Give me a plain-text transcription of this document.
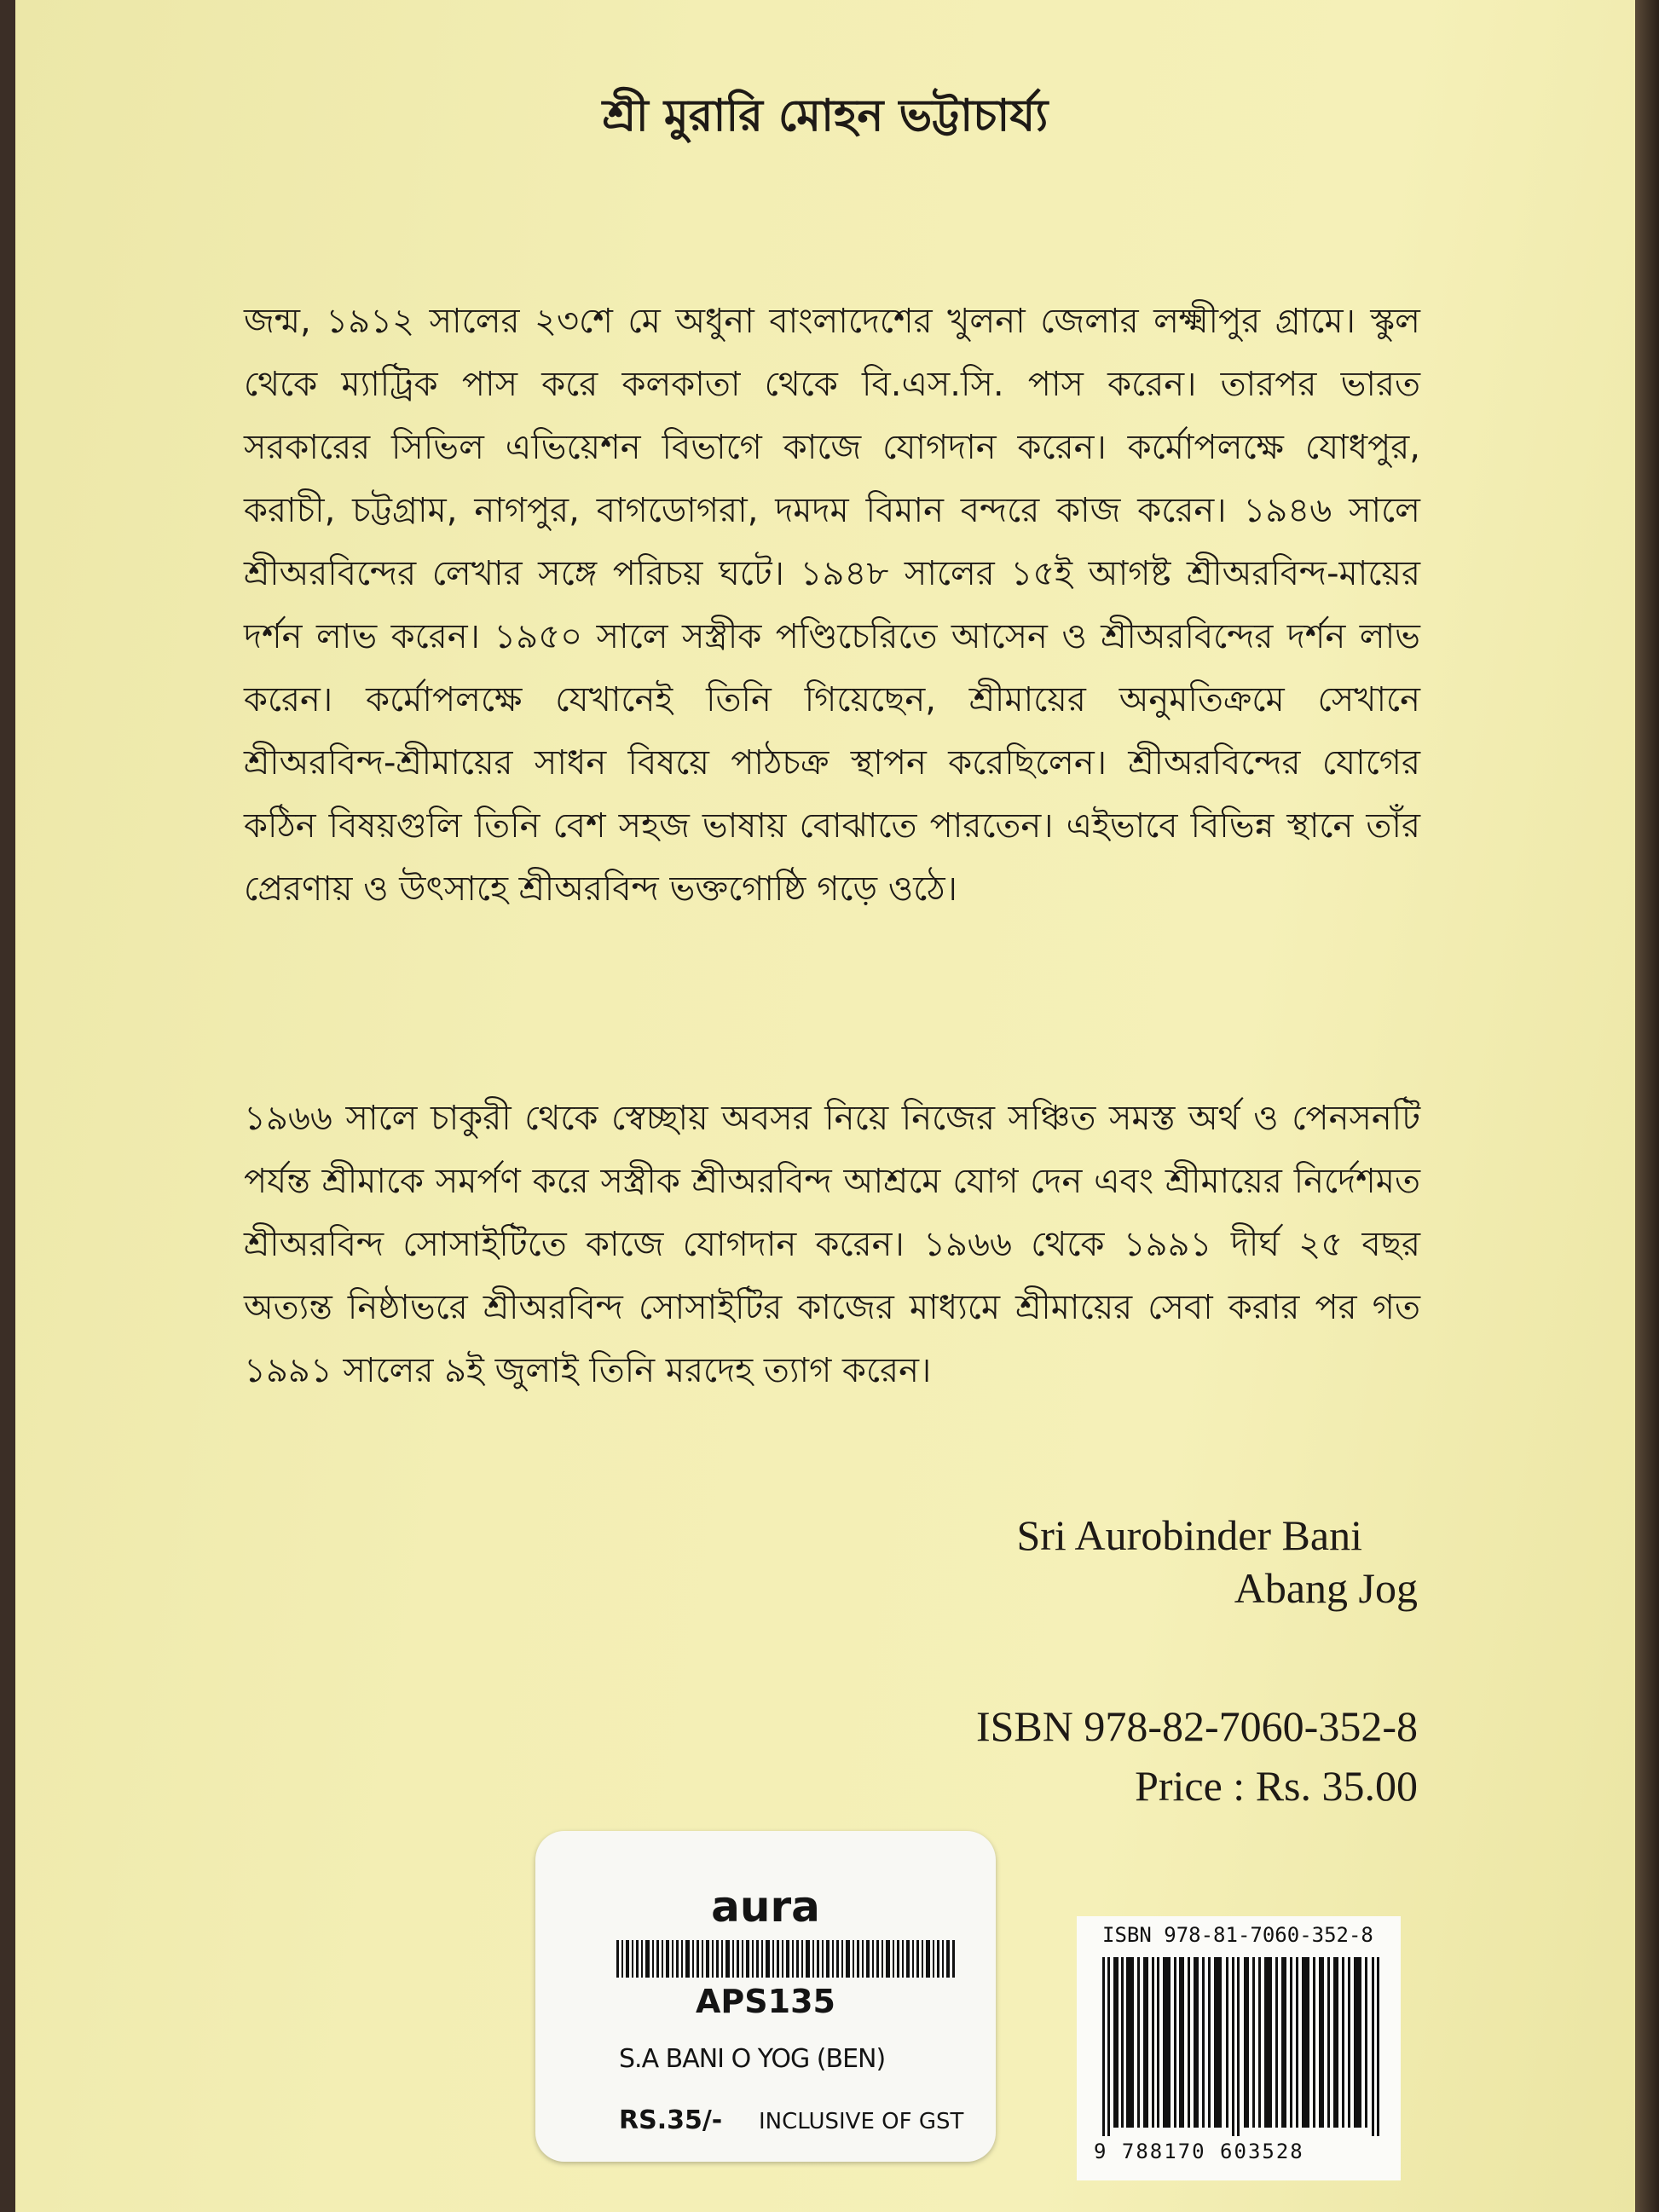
শ্রী মুরারি মোহন ভট্টাচার্য্য

জন্ম, ১৯১২ সালের ২৩শে মে অধুনা বাংলাদেশের খুলনা জেলার লক্ষ্মীপুর গ্রামে। স্কুল থেকে ম্যাট্রিক পাস করে কলকাতা থেকে বি.এস.সি. পাস করেন। তারপর ভারত সরকারের সিভিল এভিয়েশন বিভাগে কাজে যোগদান করেন। কর্মোপলক্ষে যোধপুর, করাচী, চট্টগ্রাম, নাগপুর, বাগডোগরা, দমদম বিমান বন্দরে কাজ করেন। ১৯৪৬ সালে শ্রীঅরবিন্দের লেখার সঙ্গে পরিচয় ঘটে। ১৯৪৮ সালের ১৫ই আগষ্ট শ্রীঅরবিন্দ-মায়ের দর্শন লাভ করেন। ১৯৫০ সালে সস্ত্রীক পণ্ডিচেরিতে আসেন ও শ্রীঅরবিন্দের দর্শন লাভ করেন। কর্মোপলক্ষে যেখানেই তিনি গিয়েছেন, শ্রীমায়ের অনুমতিক্রমে সেখানে শ্রীঅরবিন্দ-শ্রীমায়ের সাধন বিষয়ে পাঠচক্র স্থাপন করেছিলেন। শ্রীঅরবিন্দের যোগের কঠিন বিষয়গুলি তিনি বেশ সহজ ভাষায় বোঝাতে পারতেন। এইভাবে বিভিন্ন স্থানে তাঁর প্রেরণায় ও উৎসাহে শ্রীঅরবিন্দ ভক্তগোষ্ঠি গড়ে ওঠে।

১৯৬৬ সালে চাকুরী থেকে স্বেচ্ছায় অবসর নিয়ে নিজের সঞ্চিত সমস্ত অর্থ ও পেনসনটি পর্যন্ত শ্রীমাকে সমর্পণ করে সস্ত্রীক শ্রীঅরবিন্দ আশ্রমে যোগ দেন এবং শ্রীমায়ের নির্দেশমত শ্রীঅরবিন্দ সোসাইটিতে কাজে যোগদান করেন। ১৯৬৬ থেকে ১৯৯১ দীর্ঘ ২৫ বছর অত্যন্ত নিষ্ঠাভরে শ্রীঅরবিন্দ সোসাইটির কাজের মাধ্যমে শ্রীমায়ের সেবা করার পর গত ১৯৯১ সালের ৯ই জুলাই তিনি মরদেহ ত্যাগ করেন।

Sri Aurobinder Bani
Abang Jog
ISBN 978-82-7060-352-8
Price : Rs. 35.00
aura
APS135
S.A BANI O YOG (BEN)
RS.35/- INCLUSIVE OF GST
ISBN 978-81-7060-352-8
9 788170 603528
